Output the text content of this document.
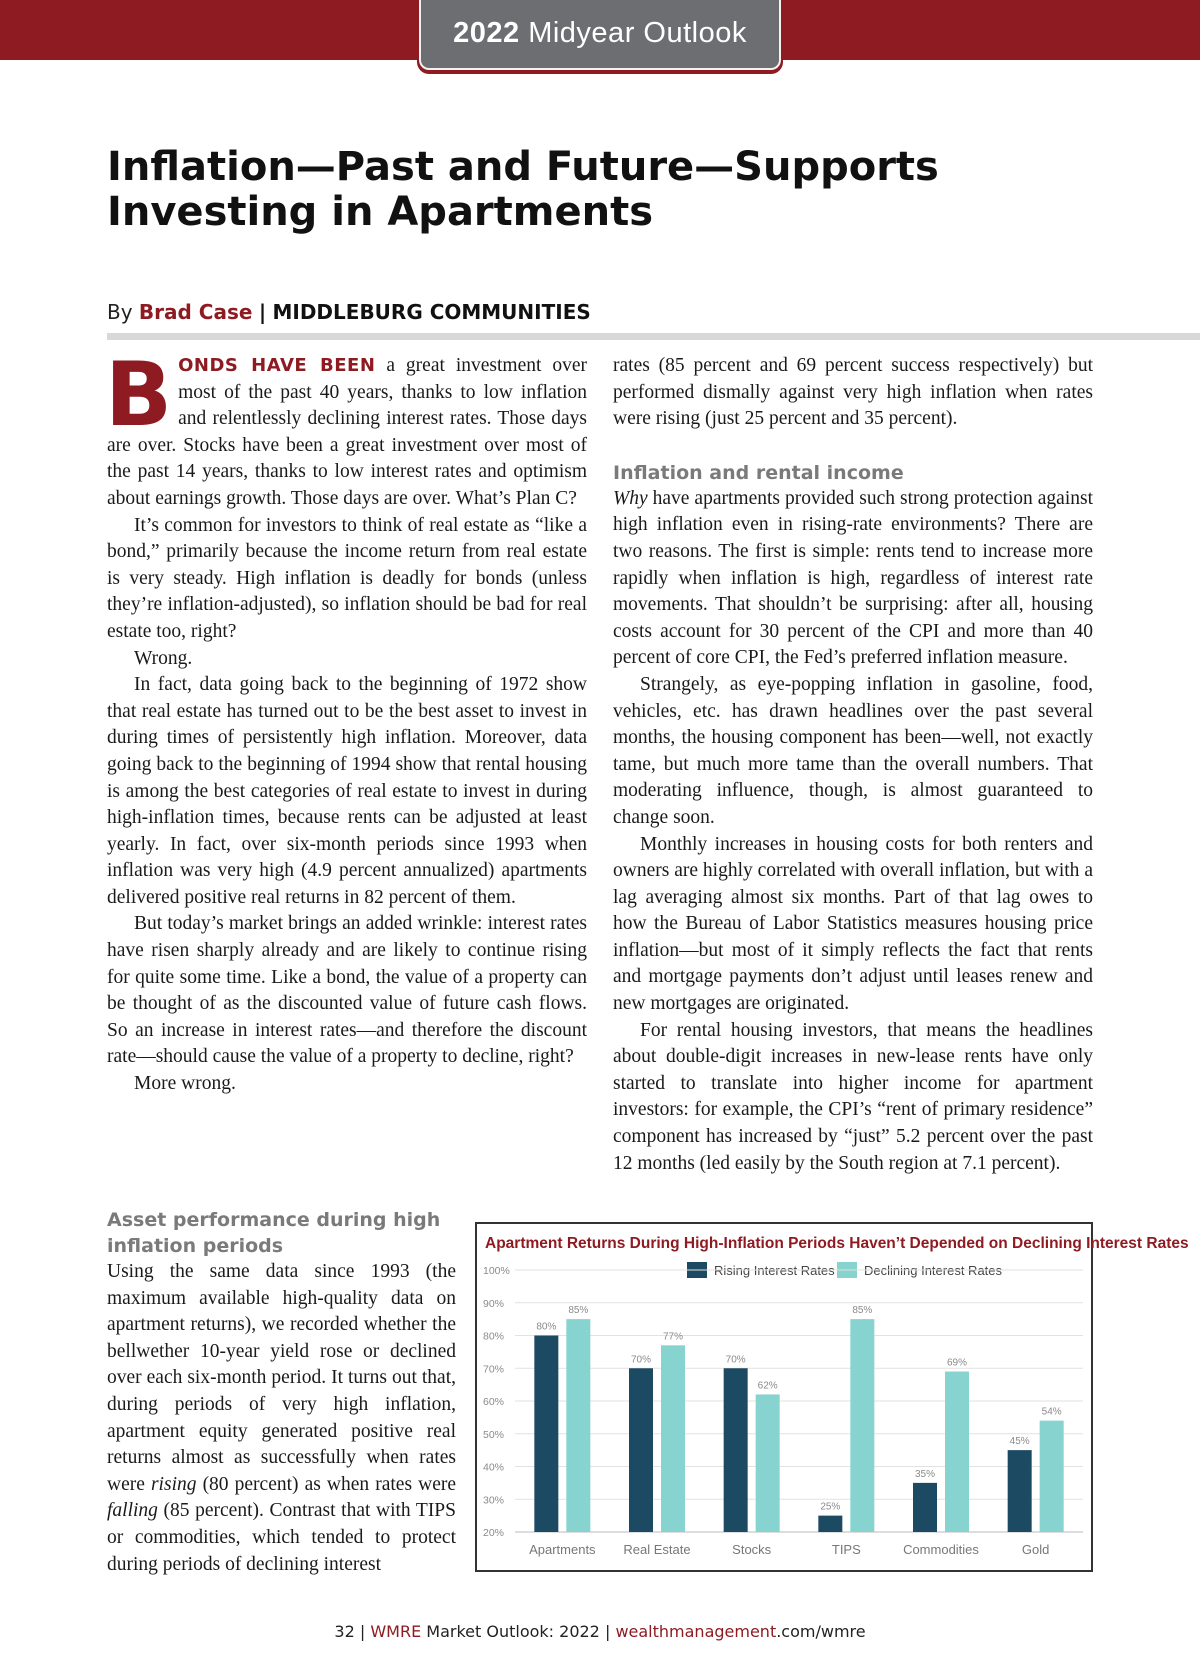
2022 Midyear Outlook
Inflation—Past and Future—Supports Investing in Apartments
By Brad Case | MIDDLEBURG COMMUNITIES

BONDS HAVE BEEN a great investment over most of the past 40 years, thanks to low inflation and relentlessly declining interest rates. Those days are over. Stocks have been a great investment over most of the past 14 years, thanks to low interest rates and optimism about earnings growth. Those days are over. What’s Plan C?

It’s common for investors to think of real estate as “like a bond,” primarily because the income return from real estate is very steady. High inflation is deadly for bonds (unless they’re inflation-adjusted), so inflation should be bad for real estate too, right?

Wrong.

In fact, data going back to the beginning of 1972 show that real estate has turned out to be the best asset to invest in during times of persistently high inflation. Moreover, data going back to the beginning of 1994 show that rental housing is among the best categories of real estate to invest in during high-inflation times, because rents can be adjusted at least yearly. In fact, over six-month periods since 1993 when inflation was very high (4.9 percent annualized) apartments delivered positive real returns in 82 percent of them.

But today’s market brings an added wrinkle: interest rates have risen sharply already and are likely to continue rising for quite some time. Like a bond, the value of a property can be thought of as the discounted value of future cash flows. So an increase in interest rates—and therefore the discount rate—should cause the value of a property to decline, right?

More wrong.

Asset performance during high inflation periods

Using the same data since 1993 (the maximum available high-quality data on apartment returns), we recorded whether the bellwether 10-year yield rose or declined over each six-month period. It turns out that, during periods of very high inflation, apartment equity generated positive real returns almost as successfully when rates were rising (80 percent) as when rates were falling (85 percent). Contrast that with TIPS or commodities, which tended to protect during periods of declining interest

rates (85 percent and 69 percent success respectively) but performed dismally against very high inflation when rates were rising (just 25 percent and 35 percent).

Inflation and rental income

Why have apartments provided such strong protection against high inflation even in rising-rate environments? There are two reasons. The first is simple: rents tend to increase more rapidly when inflation is high, regardless of interest rate movements. That shouldn’t be surprising: after all, housing costs account for 30 percent of the CPI and more than 40 percent of core CPI, the Fed’s preferred inflation measure.

Strangely, as eye-popping inflation in gasoline, food, vehicles, etc. has drawn headlines over the past several months, the housing component has been—well, not exactly tame, but much more tame than the overall numbers. That moderating influence, though, is almost guaranteed to change soon.

Monthly increases in housing costs for both renters and owners are highly correlated with overall inflation, but with a lag averaging almost six months. Part of that lag owes to how the Bureau of Labor Statistics measures housing price inflation—but most of it simply reflects the fact that rents and mortgage payments don’t adjust until leases renew and new mortgages are originated.

For rental housing investors, that means the headlines about double-digit increases in new-lease rents have only started to translate into higher income for apartment investors: for example, the CPI’s “rent of primary residence” component has increased by “just” 5.2 percent over the past 12 months (led easily by the South region at 7.1 percent).

Apartment Returns During High-Inflation Periods Haven’t Depended on Declining Interest Rates
Rising Interest Rates Declining Interest Rates
20%
30%
40%
50%
60%
70%
80%
90%
100%
80%
85%
70%
77%
70%
62%
25%
85%
35%
69%
45%
54%
Apartments Real Estate	Stocks	TIPS	Commodities	Gold
32 | WMRE Market Outlook: 2022 | wealthmanagement.com/wmre
